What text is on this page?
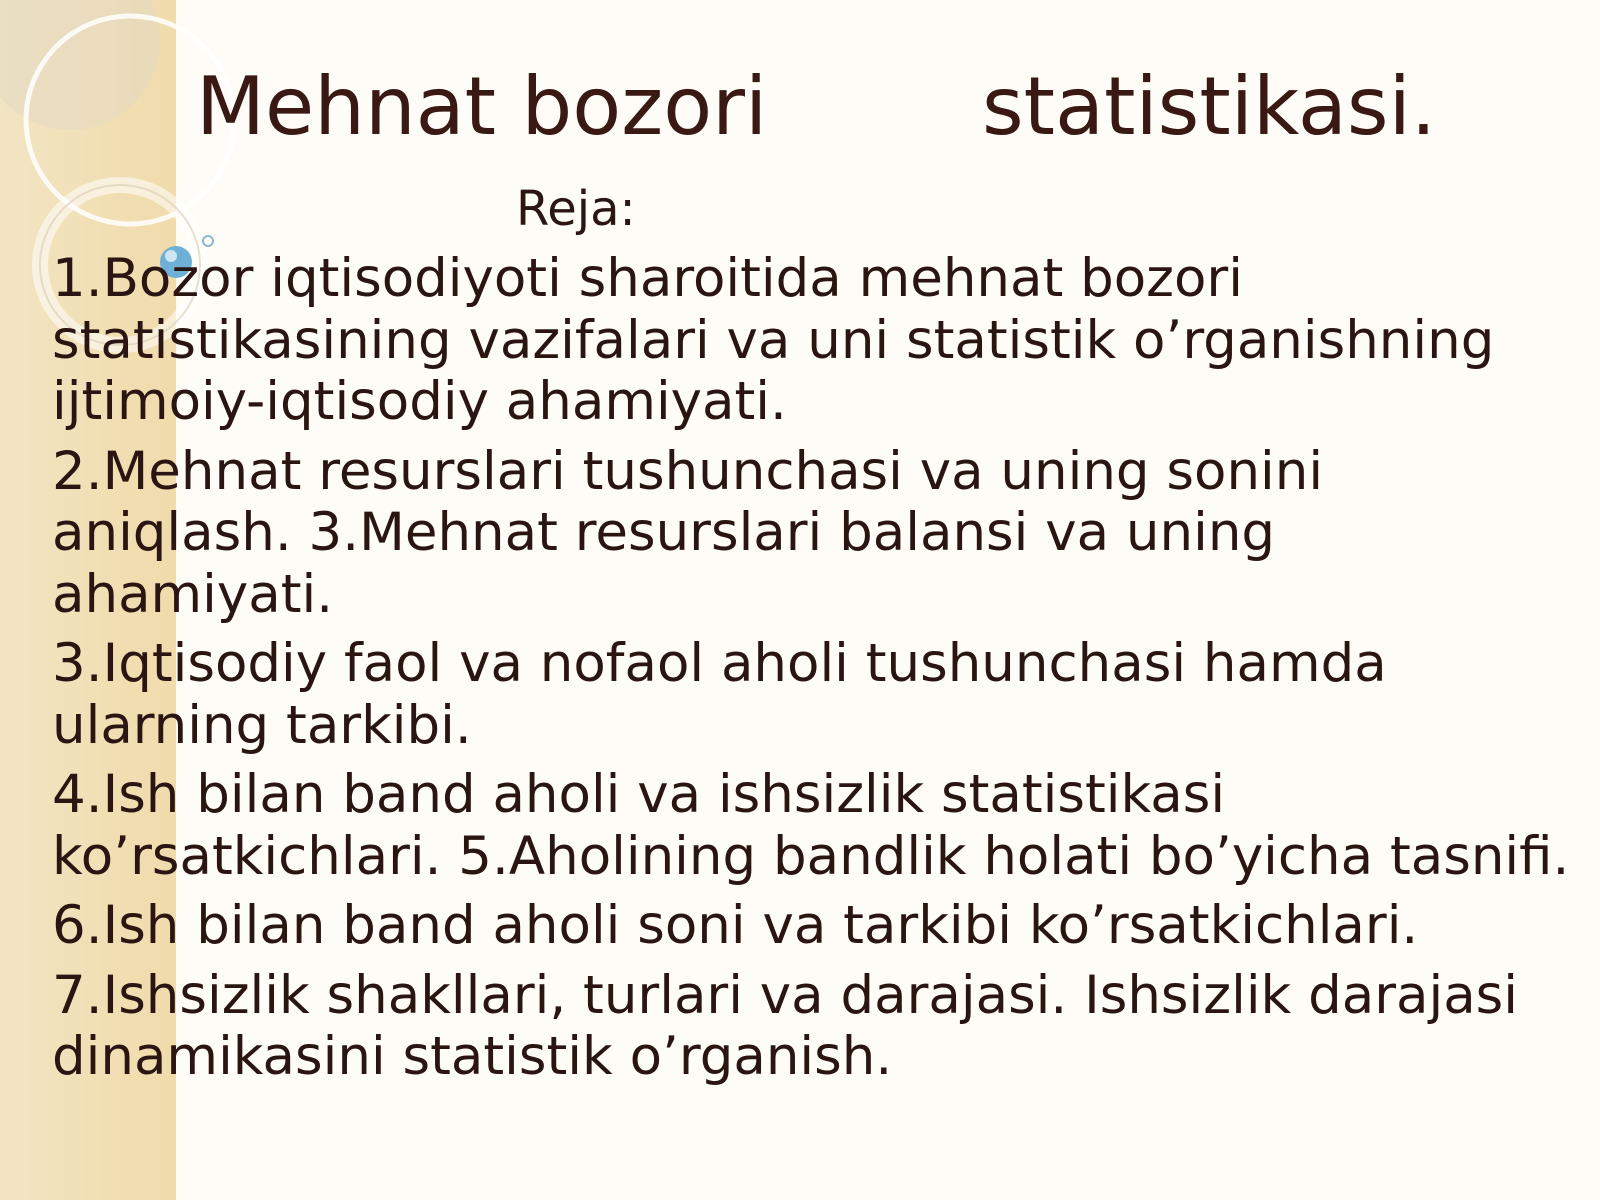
Mehnat bozori

	statistikasi.

Reja:

1.Bozor iqtisodiyoti sharoitida mehnat bozori statistikasining vazifalari va uni statistik o’rganishning ijtimoiy-iqtisodiy ahamiyati.

2.Mehnat resurslari tushunchasi va uning sonini aniqlash. 3.Mehnat resurslari balansi va uning ahamiyati.

3.Iqtisodiy faol va nofaol aholi tushunchasi hamda ularning tarkibi.

4.Ish bilan band aholi va ishsizlik statistikasi ko’rsatkichlari. 5.Aholining bandlik holati bo’yicha tasnifi.

6.Ish bilan band aholi soni va tarkibi ko’rsatkichlari.

7.Ishsizlik shakllari, turlari va darajasi. Ishsizlik darajasi dinamikasini statistik o’rganish.
